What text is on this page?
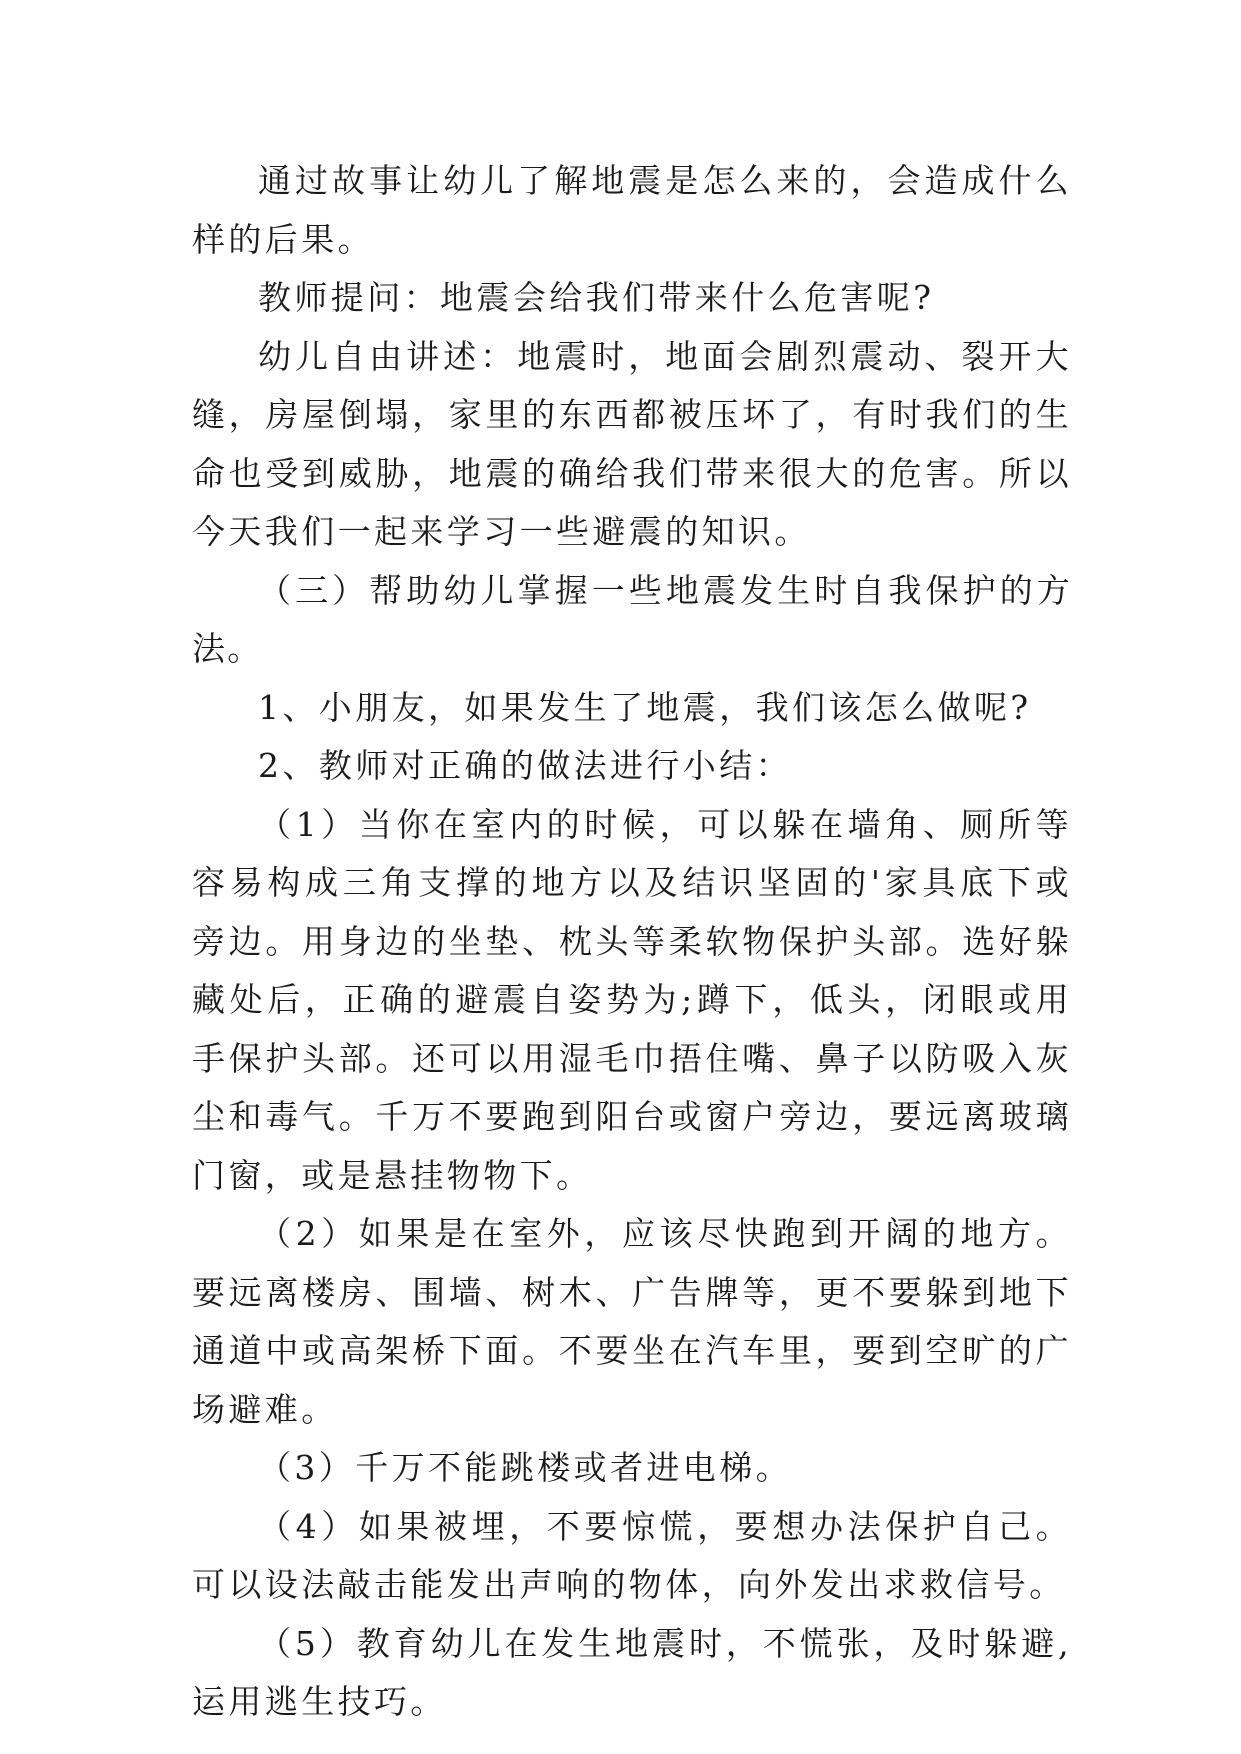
通过故事让幼儿了解地震是怎么来的，会造成什么样的后果。

教师提问：地震会给我们带来什么危害呢?

幼儿自由讲述：地震时，地面会剧烈震动、裂开大缝，房屋倒塌，家里的东西都被压坏了，有时我们的生命也受到威胁，地震的确给我们带来很大的危害。所以今天我们一起来学习一些避震的知识。

（三）帮助幼儿掌握一些地震发生时自我保护的方法。

1、小朋友，如果发生了地震，我们该怎么做呢?

2、教师对正确的做法进行小结：

（1）当你在室内的时候，可以躲在墙角、厕所等容易构成三角支撑的地方以及结识坚固的'家具底下或旁边。用身边的坐垫、枕头等柔软物保护头部。选好躲藏处后，正确的避震自姿势为;蹲下，低头，闭眼或用手保护头部。还可以用湿毛巾捂住嘴、鼻子以防吸入灰尘和毒气。千万不要跑到阳台或窗户旁边，要远离玻璃门窗，或是悬挂物物下。

（2）如果是在室外，应该尽快跑到开阔的地方。要远离楼房、围墙、树木、广告牌等，更不要躲到地下通道中或高架桥下面。不要坐在汽车里，要到空旷的广场避难。

（3）千万不能跳楼或者进电梯。

（4）如果被埋，不要惊慌，要想办法保护自己。可以设法敲击能发出声响的物体，向外发出求救信号。

（5）教育幼儿在发生地震时，不慌张，及时躲避,运用逃生技巧。
